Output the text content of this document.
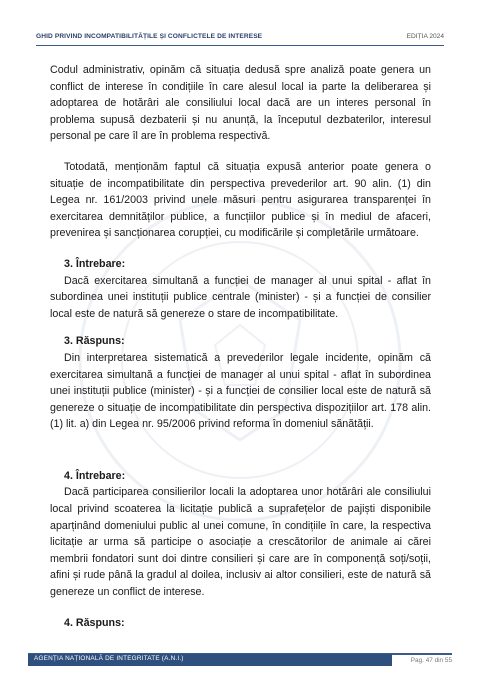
GHID PRIVIND INCOMPATIBILITĂȚILE ȘI CONFLICTELE DE INTERESE	EDIȚIA 2024

Codul administrativ, opinăm că situația dedusă spre analiză poate genera un conflict de interese în condițiile în care alesul local ia parte la deliberarea și adoptarea de hotărâri ale consiliului local dacă are un interes personal în problema supusă dezbaterii și nu anunță, la începutul dezbaterilor, interesul personal pe care îl are în problema respectivă.

Totodată, menționăm faptul că situația expusă anterior poate genera o situație de incompatibilitate din perspectiva prevederilor art. 90 alin. (1) din Legea nr. 161/2003 privind unele măsuri pentru asigurarea transparenței în exercitarea demnităților publice, a funcțiilor publice și în mediul de afaceri, prevenirea și sancționarea corupției, cu modificările și completările următoare.

3. Întrebare:

Dacă exercitarea simultană a funcției de manager al unui spital - aflat în subordinea unei instituții publice centrale (minister) - și a funcției de consilier local este de natură să genereze o stare de incompatibilitate.

3. Răspuns:

Din interpretarea sistematică a prevederilor legale incidente, opinăm că exercitarea simultană a funcției de manager al unui spital - aflat în subordinea unei instituții publice (minister) - și a funcției de consilier local este de natură să genereze o situație de incompatibilitate din perspectiva dispozițiilor art. 178 alin. (1) lit. a) din Legea nr. 95/2006 privind reforma în domeniul sănătății.

4. Întrebare:

Dacă participarea consilierilor locali la adoptarea unor hotărâri ale consiliului local privind scoaterea la licitație publică a suprafețelor de pajiști disponibile aparținând domeniului public al unei comune, în condițiile în care, la respectiva licitație ar urma să participe o asociație a crescătorilor de animale ai cărei membrii fondatori sunt doi dintre consilieri și care are în componență soți/soții, afini și rude până la gradul al doilea, inclusiv ai altor consilieri, este de natură să genereze un conflict de interese.

4. Răspuns:

AGENȚIA NAȚIONALĂ DE INTEGRITATE (A.N.I.)	Pag. 47 din 55
